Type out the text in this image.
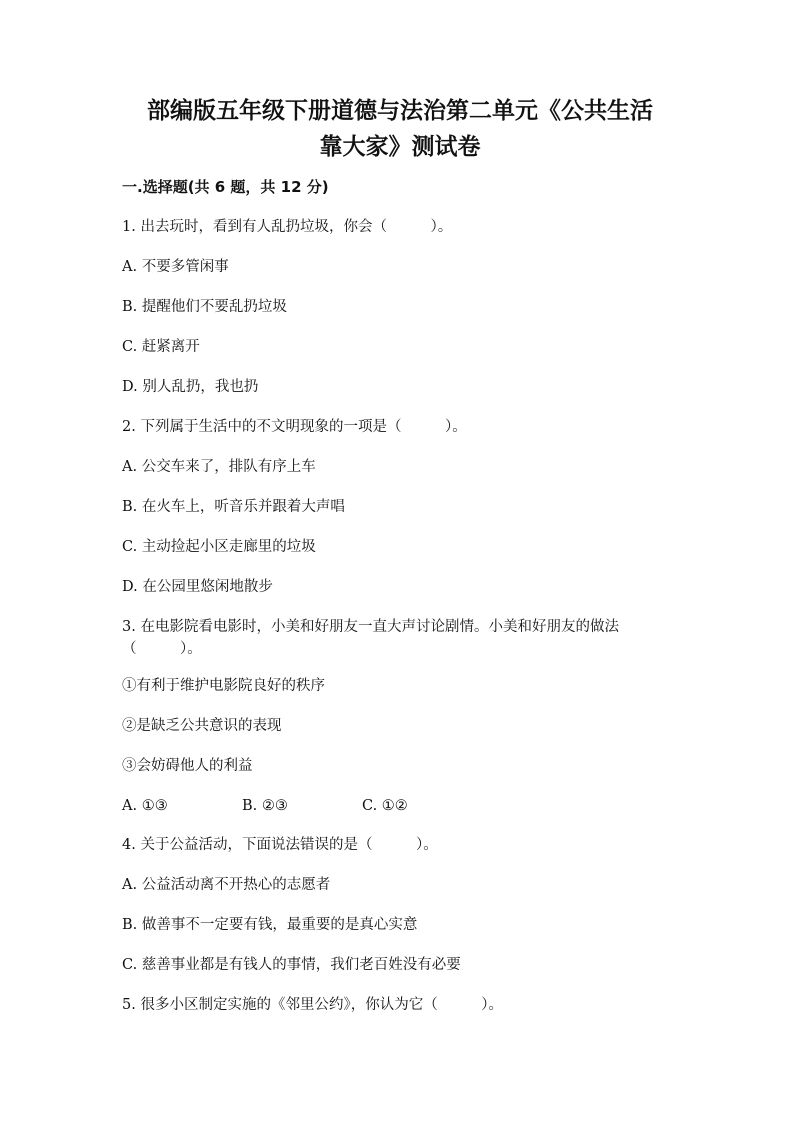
部编版五年级下册道德与法治第二单元《公共生活
靠大家》测试卷
一.选择题(共 6 题，共 12 分)
1. 出去玩时，看到有人乱扔垃圾，你会（　　　）。
A. 不要多管闲事
B. 提醒他们不要乱扔垃圾
C. 赶紧离开
D. 别人乱扔，我也扔
2. 下列属于生活中的不文明现象的一项是（　　　）。
A. 公交车来了，排队有序上车
B. 在火车上，听音乐并跟着大声唱
C. 主动捡起小区走廊里的垃圾
D. 在公园里悠闲地散步
3. 在电影院看电影时，小美和好朋友一直大声讨论剧情。小美和好朋友的做法
（　　　）。
①有利于维护电影院良好的秩序
②是缺乏公共意识的表现
③会妨碍他人的利益
A. ①③	B. ②③	C. ①②
4. 关于公益活动，下面说法错误的是（　　　）。
A. 公益活动离不开热心的志愿者
B. 做善事不一定要有钱，最重要的是真心实意
C. 慈善事业都是有钱人的事情，我们老百姓没有必要
5. 很多小区制定实施的《邻里公约》，你认为它（　　　）。
